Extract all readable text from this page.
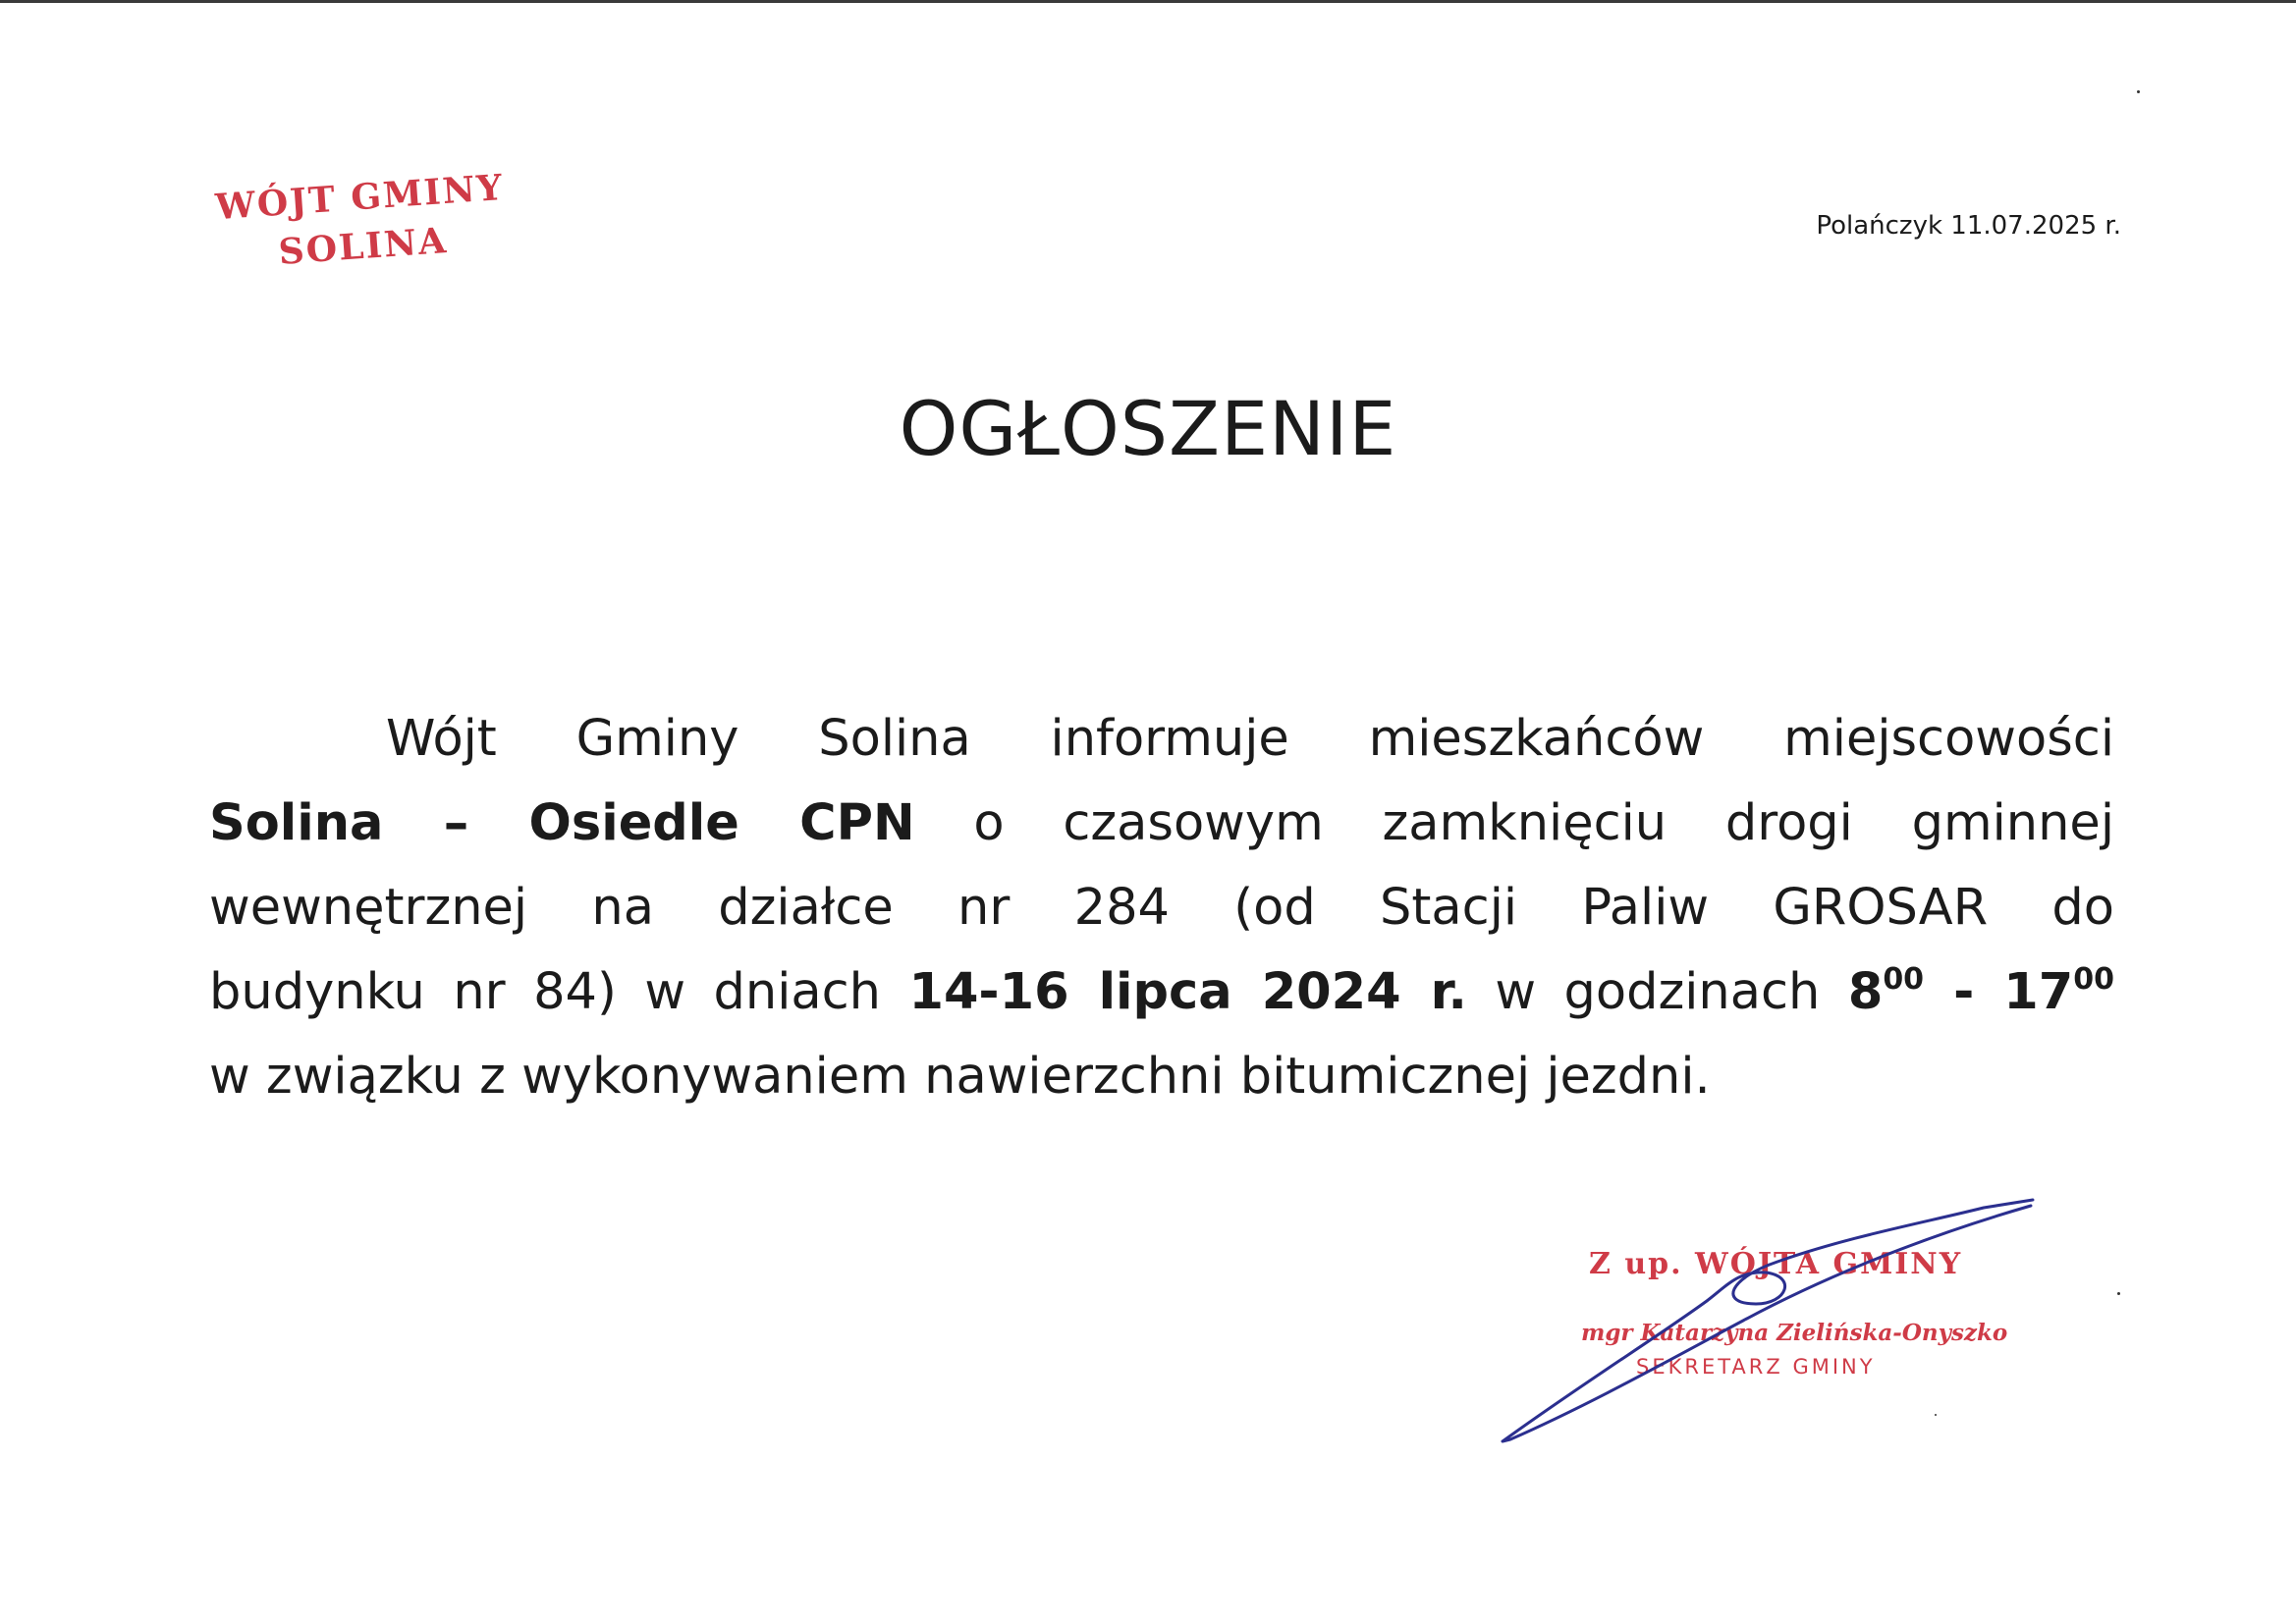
WÓJT GMINY
SOLINA	Polańczyk 11.07.2025 r.
OGŁOSZENIE
Wójt Gminy Solina informuje mieszkańców miejscowości
Solina – Osiedle CPN o czasowym zamknięciu drogi gminnej
wewnętrznej na działce nr 284 (od Stacji Paliw GROSAR do
budynku nr 84) w dniach 14-16 lipca 2024 r. w godzinach $8^{00} - 17^{00}$
w związku z wykonywaniem nawierzchni bitumicznej jezdni.
Z up. WÓJTA GMINY
mgr Katarzyna Zielińska-Onyszko
SEKRETARZ GMINY
